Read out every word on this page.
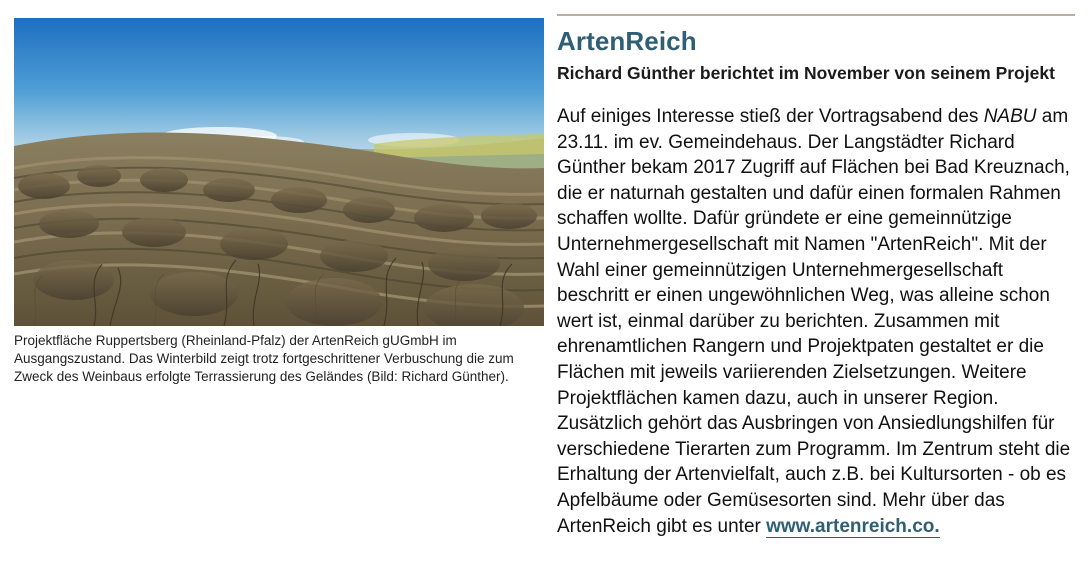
Projektfläche Ruppertsberg (Rheinland-Pfalz) der ArtenReich gUGmbH im Ausgangszustand. Das Winterbild zeigt trotz fortgeschrittener Verbuschung die zum Zweck des Weinbaus erfolgte Terrassierung des Geländes (Bild: Richard Günther).
ArtenReich
Richard Günther berichtet im November von seinem Projekt

Auf einiges Interesse stieß der Vortragsabend des NABU am 23.11. im ev. Gemeindehaus. Der Langstädter Richard Günther bekam 2017 Zugriff auf Flächen bei Bad Kreuznach, die er naturnah gestalten und dafür einen formalen Rahmen schaffen wollte. Dafür gründete er eine gemeinnützige Unternehmergesellschaft mit Namen "ArtenReich". Mit der Wahl einer gemeinnützigen Unternehmergesellschaft beschritt er einen ungewöhnlichen Weg, was alleine schon wert ist, einmal darüber zu berichten. Zusammen mit ehrenamtlichen Rangern und Projektpaten gestaltet er die Flächen mit jeweils variierenden Zielsetzungen. Weitere Projektflächen kamen dazu, auch in unserer Region. Zusätzlich gehört das Ausbringen von Ansiedlungshilfen für verschiedene Tierarten zum Programm. Im Zentrum steht die Erhaltung der Artenvielfalt, auch z.B. bei Kultursorten - ob es Apfelbäume oder Gemüsesorten sind. Mehr über das ArtenReich gibt es unter www.artenreich.co.
